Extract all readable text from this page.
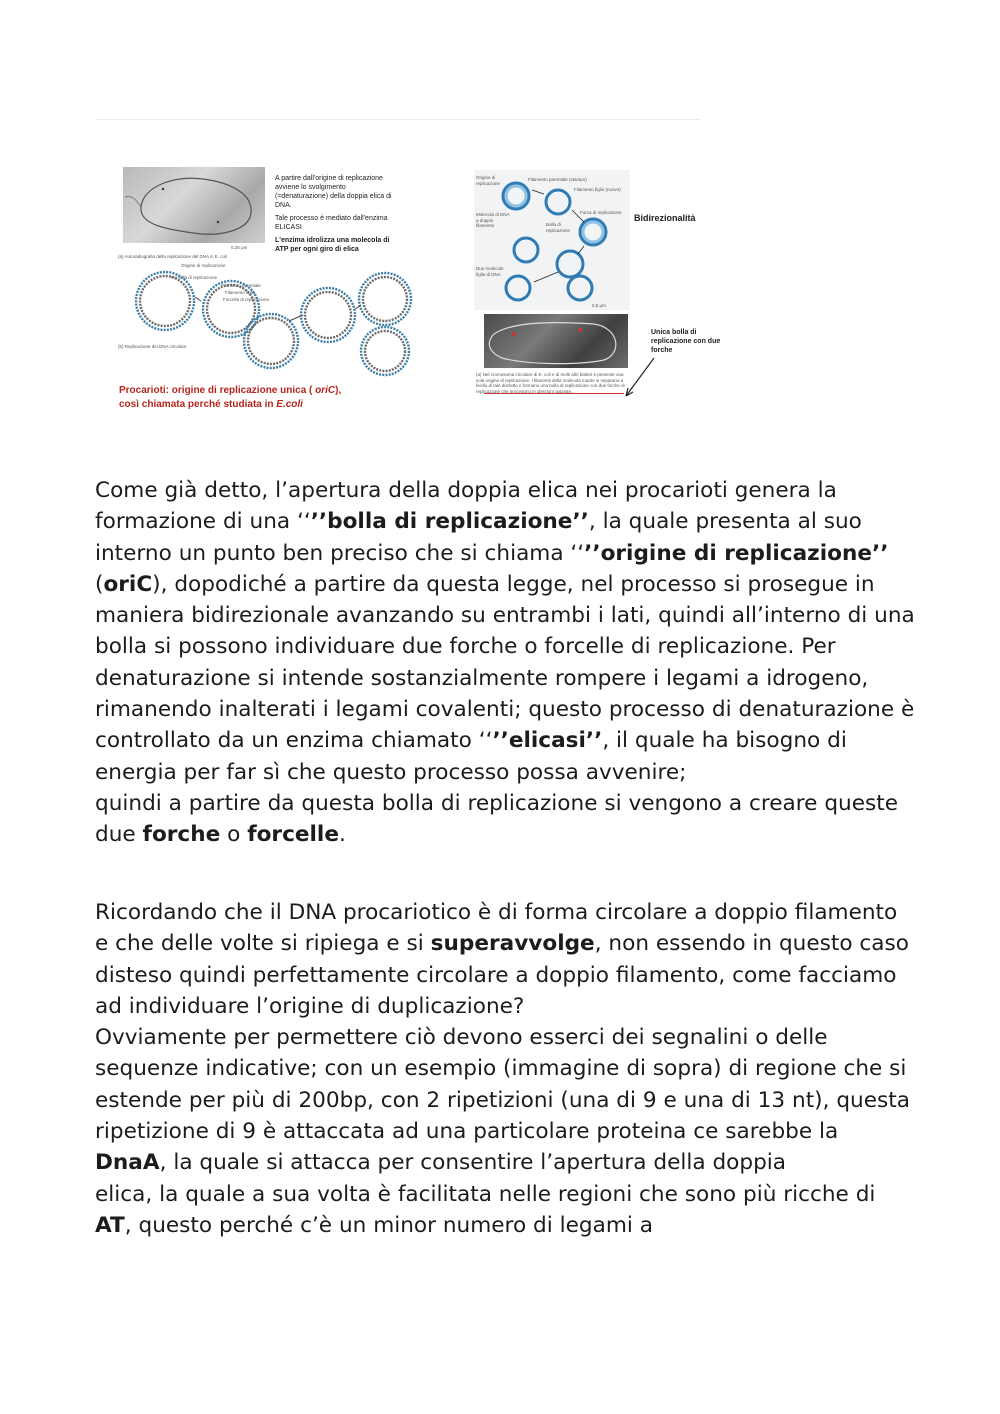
0,25 μm
A partire dall'origine di replicazione
avviene lo svolgimento
(=denaturazione) della doppia elica di
DNA.
Tale processo è mediato dall'enzima
ELICASI
L'enzima idrolizza una molecola di
ATP per ogni giro di elica
(a) Autoradiografia della replicazione del DNA in E. coli
Origine di replicazione
Forcella di replicazione
Filamento parentale
Filamento figlio
Forcella di replicazione
(b) Replicazione dei DNA circolare
Procarioti: origine di replicazione unica ( oriC),
così chiamata perché studiata in E.coli
Origine di replicazione
Filamento parentale (stampo)
Filamento figlio (nuovo)
Molecola di DNA a doppio filamento	Bolla di replicazione
Forca di replicazione
Due molecole figlie di DNA
0,5 μm
(a) Nel cromosoma circolare di E. coli e di molti altri batteri è presente una sola origine di replicazione. I filamenti della molecola madre si separano a livello di tale distretto e formano una bolla di replicazione con due forche di replicazione che procedono in direzioni opposte...
Bidirezionalità
Unica bolla di
replicazione con due
forche

Come già detto, l’apertura della doppia elica nei procarioti genera la formazione di una ‘‘’’bolla di replicazione’’, la quale presenta al suo interno un punto ben preciso che si chiama ‘‘’’origine di replicazione’’ (oriC), dopodiché a partire da questa legge, nel processo si prosegue in maniera bidirezionale avanzando su entrambi i lati, quindi all’interno di una bolla si possono individuare due forche o forcelle di replicazione. Per denaturazione si intende sostanzialmente rompere i legami a idrogeno, rimanendo inalterati i legami covalenti; questo processo di denaturazione è controllato da un enzima chiamato ‘‘’’elicasi’’, il quale ha bisogno di energia per far sì che questo processo possa avvenire;

quindi a partire da questa bolla di replicazione si vengono a creare queste due forche o forcelle.

Ricordando che il DNA procariotico è di forma circolare a doppio filamento e che delle volte si ripiega e si superavvolge, non essendo in questo caso disteso quindi perfettamente circolare a doppio filamento, come facciamo ad individuare l’origine di duplicazione?

Ovviamente per permettere ciò devono esserci dei segnalini o delle sequenze indicative; con un esempio (immagine di sopra) di regione che si estende per più di 200bp, con 2 ripetizioni (una di 9 e una di 13 nt), questa ripetizione di 9 è attaccata ad una particolare proteina ce sarebbe la DnaA, la quale si attacca per consentire l’apertura della doppia

elica, la quale a sua volta è facilitata nelle regioni che sono più ricche di AT, questo perché c’è un minor numero di legami a
